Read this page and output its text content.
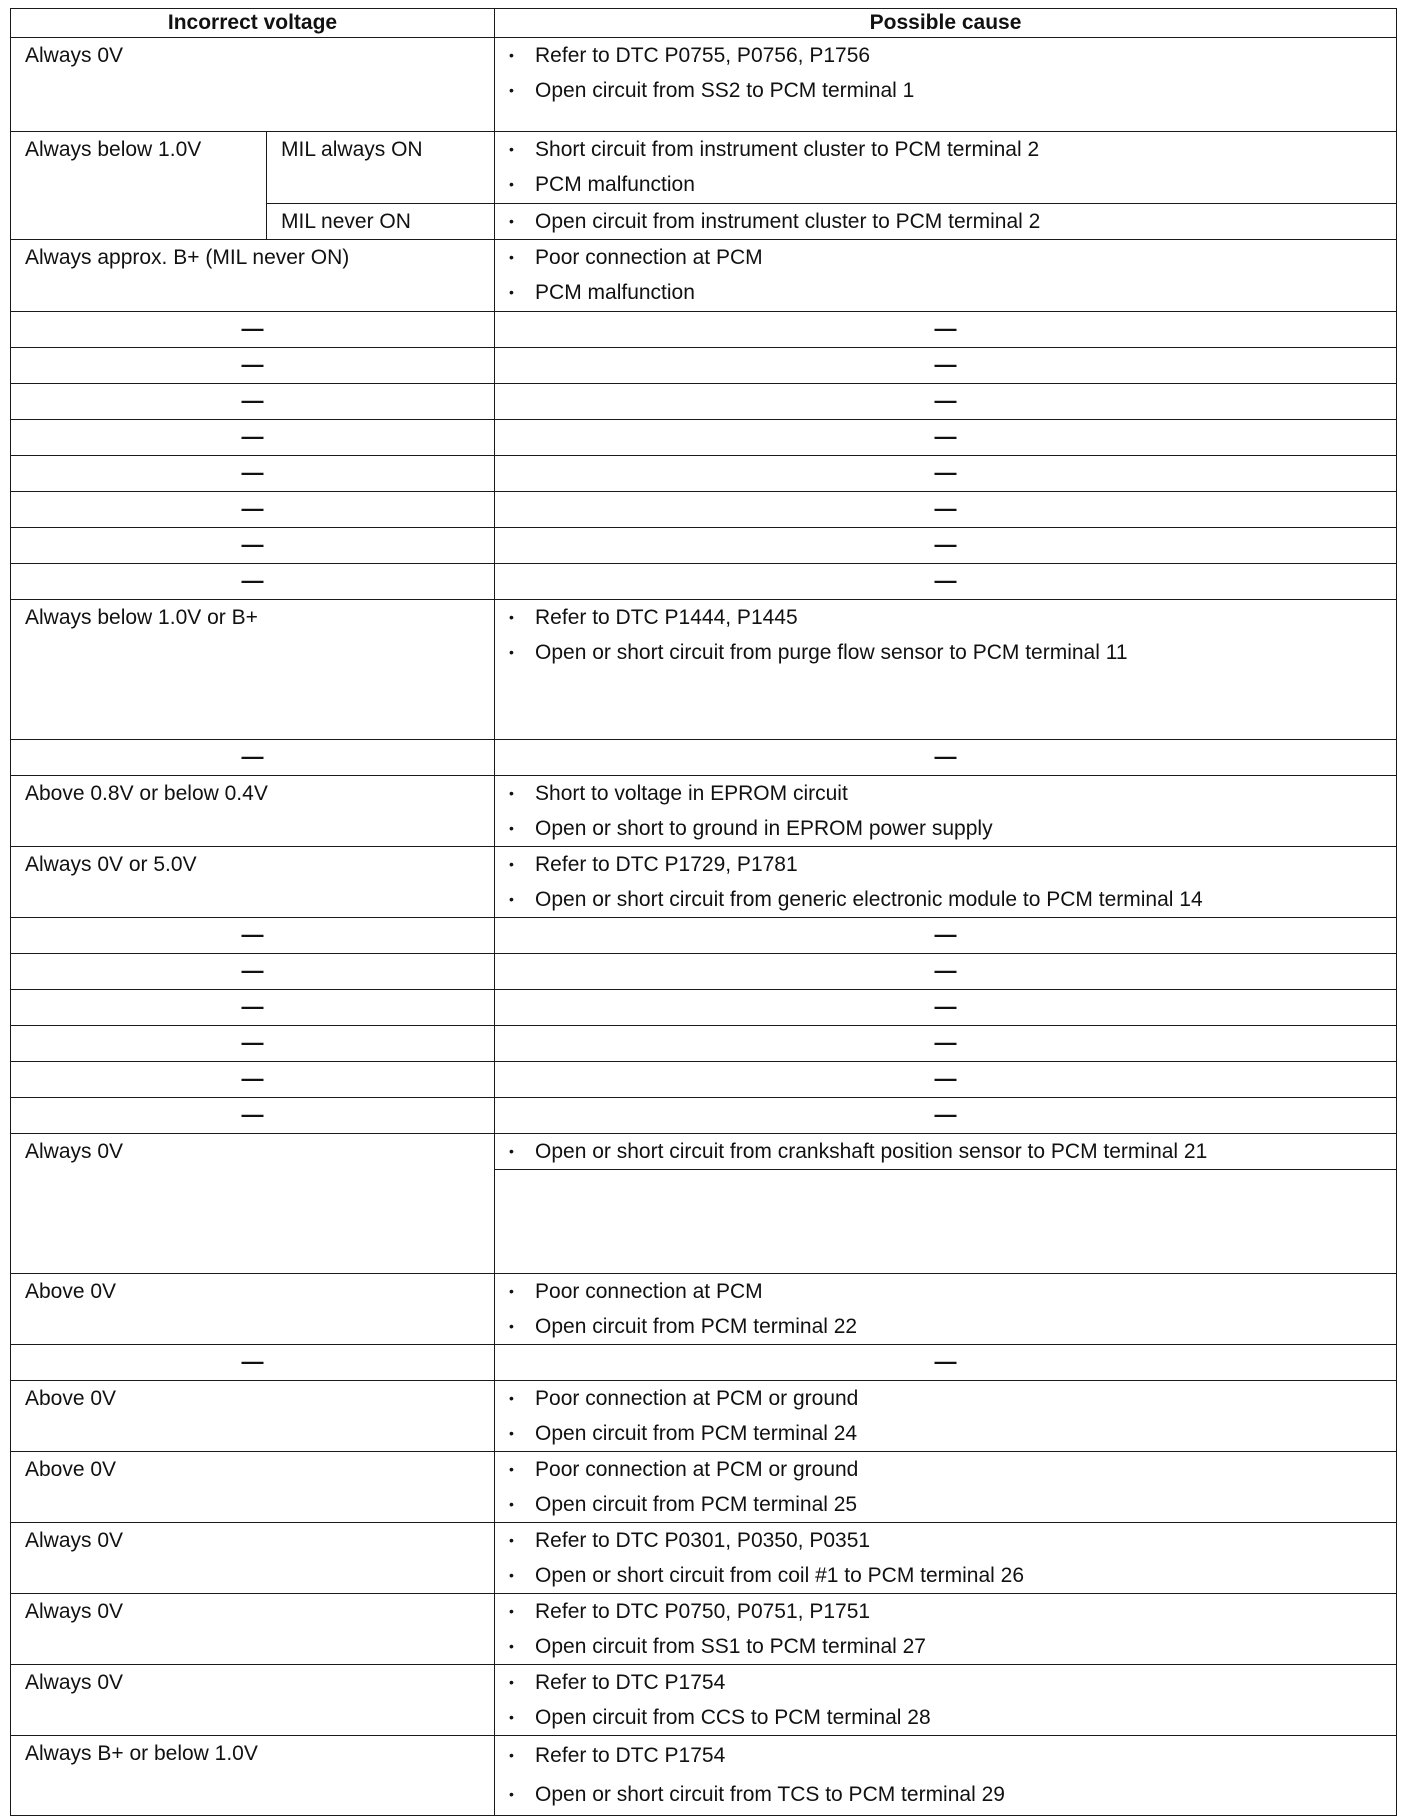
Incorrect voltage		Possible cause
Always 0V		• Refer to DTC P0755, P0756, P1756
• Open circuit from SS2 to PCM terminal 1

Always below 1.0V	MIL always ON	• Short circuit from instrument cluster to PCM terminal 2
• PCM malfunction

	MIL never ON	• Open circuit from instrument cluster to PCM terminal 2

Always approx. B+ (MIL never ON)		• Poor connection at PCM
• PCM malfunction

—		—
—		—
—		—
—		—
—		—
—		—
—		—
—		—
Always below 1.0V or B+		• Refer to DTC P1444, P1445
• Open or short circuit from purge flow sensor to PCM terminal 11

—		—
Above 0.8V or below 0.4V		• Short to voltage in EPROM circuit
• Open or short to ground in EPROM power supply

Always 0V or 5.0V		• Refer to DTC P1729, P1781
• Open or short circuit from generic electronic module to PCM terminal 14

—		—
—		—
—		—
—		—
—		—
—		—
Always 0V		• Open or short circuit from crankshaft position sensor to PCM terminal 21

Above 0V		• Poor connection at PCM
• Open circuit from PCM terminal 22

—		—
Above 0V		• Poor connection at PCM or ground
• Open circuit from PCM terminal 24

Above 0V		• Poor connection at PCM or ground
• Open circuit from PCM terminal 25

Always 0V		• Refer to DTC P0301, P0350, P0351
• Open or short circuit from coil #1 to PCM terminal 26

Always 0V		• Refer to DTC P0750, P0751, P1751
• Open circuit from SS1 to PCM terminal 27

Always 0V		• Refer to DTC P1754
• Open circuit from CCS to PCM terminal 28

Always B+ or below 1.0V		• Refer to DTC P1754
• Open or short circuit from TCS to PCM terminal 29
